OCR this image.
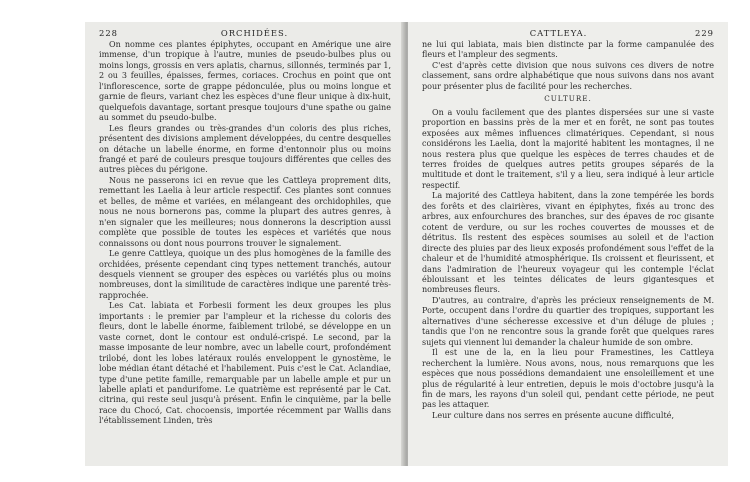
228	ORCHIDÉES.

On nomme ces plantes épiphytes, occupant en Amérique une aire immense, d'un tropique à l'autre, munies de pseudo-bulbes plus ou moins longs, grossis en vers aplatis, charnus, sillonnés, terminés par 1, 2 ou 3 feuilles, épaisses, fermes, coriaces. Crochus en point que ont l'inflorescence, sorte de grappe pédonculée, plus ou moins longue et garnie de fleurs, variant chez les espèces d'une fleur unique à dix-huit, quelquefois davantage, sortant presque toujours d'une spathe ou gaine au sommet du pseudo-bulbe.

Les fleurs grandes ou très-grandes d'un coloris des plus riches, présentent des divisions amplement développées, du centre desquelles on détache un labelle énorme, en forme d'entonnoir plus ou moins frangé et paré de couleurs presque toujours différentes que celles des autres pièces du périgone.

Nous ne passerons ici en revue que les Cattleya proprement dits, remettant les Laelia à leur article respectif. Ces plantes sont connues et belles, de même et variées, en mélangeant des orchidophiles, que nous ne nous bornerons pas, comme la plupart des autres genres, à n'en signaler que les meilleures; nous donnerons la description aussi complète que possible de toutes les espèces et variétés que nous connaissons ou dont nous pourrons trouver le signalement.

Le genre Cattleya, quoique un des plus homogènes de la famille des orchidées, présente cependant cinq types nettement tranchés, autour desquels viennent se grouper des espèces ou variétés plus ou moins nombreuses, dont la similitude de caractères indique une parenté très-rapprochée.

Les Cat. labiata et Forbesii forment les deux groupes les plus importants : le premier par l'ampleur et la richesse du coloris des fleurs, dont le labelle énorme, faiblement trilobé, se développe en un vaste cornet, dont le contour est ondulé-crispé. Le second, par la masse imposante de leur nombre, avec un labelle court, profondément trilobé, dont les lobes latéraux roulés enveloppent le gynostème, le lobe médian étant détaché et l'habilement. Puis c'est le Cat. Aclandiae, type d'une petite famille, remarquable par un labelle ample et pur un labelle aplati et pandurifome. Le quatrième est représenté par le Cat. citrina, qui reste seul jusqu'à présent. Enfin le cinquième, par la belle race du Chocó, Cat. chocoensis, importée récemment par Wallis dans l'établissement Linden, très

CATTLEYA.	229

ne lui qui labiata, mais bien distincte par la forme campanulée des fleurs et l'ampleur des segments.

C'est d'après cette division que nous suivons ces divers de notre classement, sans ordre alphabétique que nous suivons dans nos avant pour présenter plus de facilité pour les recherches.

CULTURE.

On a voulu facilement que des plantes dispersées sur une si vaste proportion en bassins près de la mer et en forêt, ne sont pas toutes exposées aux mêmes influences climatériques. Cependant, si nous considérons les Laelia, dont la majorité habitent les montagnes, il ne nous restera plus que quelque les espèces de terres chaudes et de terres froides de quelques autres petits groupes séparés de la multitude et dont le traitement, s'il y a lieu, sera indiqué à leur article respectif.

La majorité des Cattleya habitent, dans la zone tempérée les bords des forêts et des clairières, vivant en épiphytes, fixés au tronc des arbres, aux enfourchures des branches, sur des épaves de roc gisante cotent de verdure, ou sur les roches couvertes de mousses et de détritus. Ils restent des espèces soumises au soleil et de l'action directe des pluies par des lieux exposés profondément sous l'effet de la chaleur et de l'humidité atmosphérique. Ils croissent et fleurissent, et dans l'admiration de l'heureux voyageur qui les contemple l'éclat éblouissant et les teintes délicates de leurs gigantesques et nombreuses fleurs.

D'autres, au contraire, d'après les précieux renseignements de M. Porte, occupent dans l'ordre du quartier des tropiques, supportant les alternatives d'une sécheresse excessive et d'un déluge de pluies ; tandis que l'on ne rencontre sous la grande forêt que quelques rares sujets qui viennent lui demander la chaleur humide de son ombre.

Il est une de la, en la lieu pour Framestines, les Cattleya recherchent la lumière. Nous avons, nous, nous remarquons que les espèces que nous possédions demandaient une ensoleillement et une plus de régularité à leur entretien, depuis le mois d'octobre jusqu'à la fin de mars, les rayons d'un soleil qui, pendant cette période, ne peut pas les attaquer.

Leur culture dans nos serres en présente aucune difficulté,
